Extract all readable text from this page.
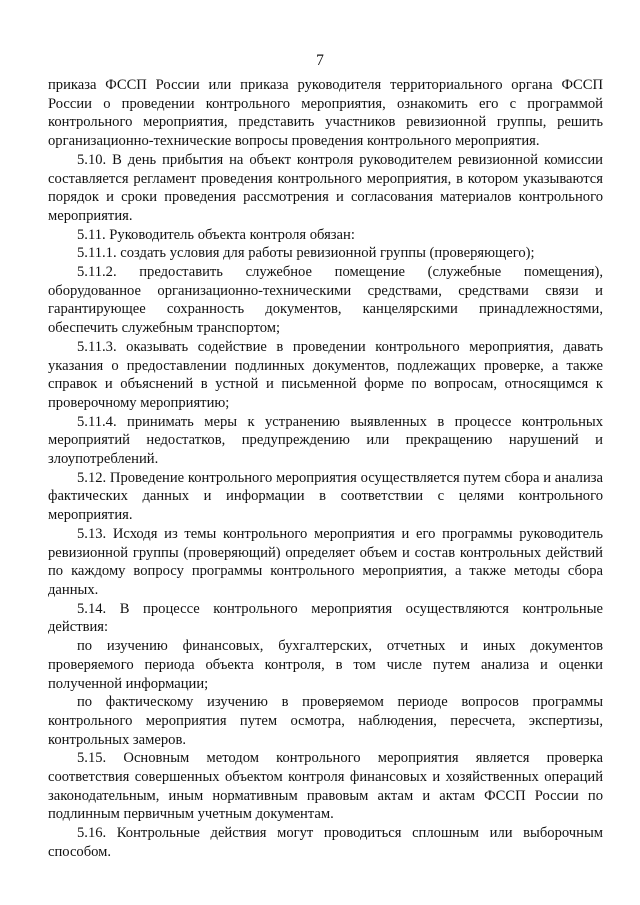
7

приказа ФССП России или приказа руководителя территориального органа ФССП России о проведении контрольного мероприятия, ознакомить его с программой контрольного мероприятия, представить участников ревизионной группы, решить организационно-технические вопросы проведения контрольного мероприятия.

5.10. В день прибытия на объект контроля руководителем ревизионной комиссии составляется регламент проведения контрольного мероприятия, в котором указываются порядок и сроки проведения рассмотрения и согласования материалов контрольного мероприятия.

5.11. Руководитель объекта контроля обязан:

5.11.1. создать условия для работы ревизионной группы (проверяющего);

5.11.2. предоставить служебное помещение (служебные помещения), оборудованное организационно-техническими средствами, средствами связи и гарантирующее сохранность документов, канцелярскими принадлежностями, обеспечить служебным транспортом;

5.11.3. оказывать содействие в проведении контрольного мероприятия, давать указания о предоставлении подлинных документов, подлежащих проверке, а также справок и объяснений в устной и письменной форме по вопросам, относящимся к проверочному мероприятию;

5.11.4. принимать меры к устранению выявленных в процессе контрольных мероприятий недостатков, предупреждению или прекращению нарушений и злоупотреблений.

5.12. Проведение контрольного мероприятия осуществляется путем сбора и анализа фактических данных и информации в соответствии с целями контрольного мероприятия.

5.13. Исходя из темы контрольного мероприятия и его программы руководитель ревизионной группы (проверяющий) определяет объем и состав контрольных действий по каждому вопросу программы контрольного мероприятия, а также методы сбора данных.

5.14. В процессе контрольного мероприятия осуществляются контрольные действия:

по изучению финансовых, бухгалтерских, отчетных и иных документов проверяемого периода объекта контроля, в том числе путем анализа и оценки полученной информации;

по фактическому изучению в проверяемом периоде вопросов программы контрольного мероприятия путем осмотра, наблюдения, пересчета, экспертизы, контрольных замеров.

5.15. Основным методом контрольного мероприятия является проверка соответствия совершенных объектом контроля финансовых и хозяйственных операций законодательным, иным нормативным правовым актам и актам ФССП России по подлинным первичным учетным документам.

5.16. Контрольные действия могут проводиться сплошным или выборочным способом.
